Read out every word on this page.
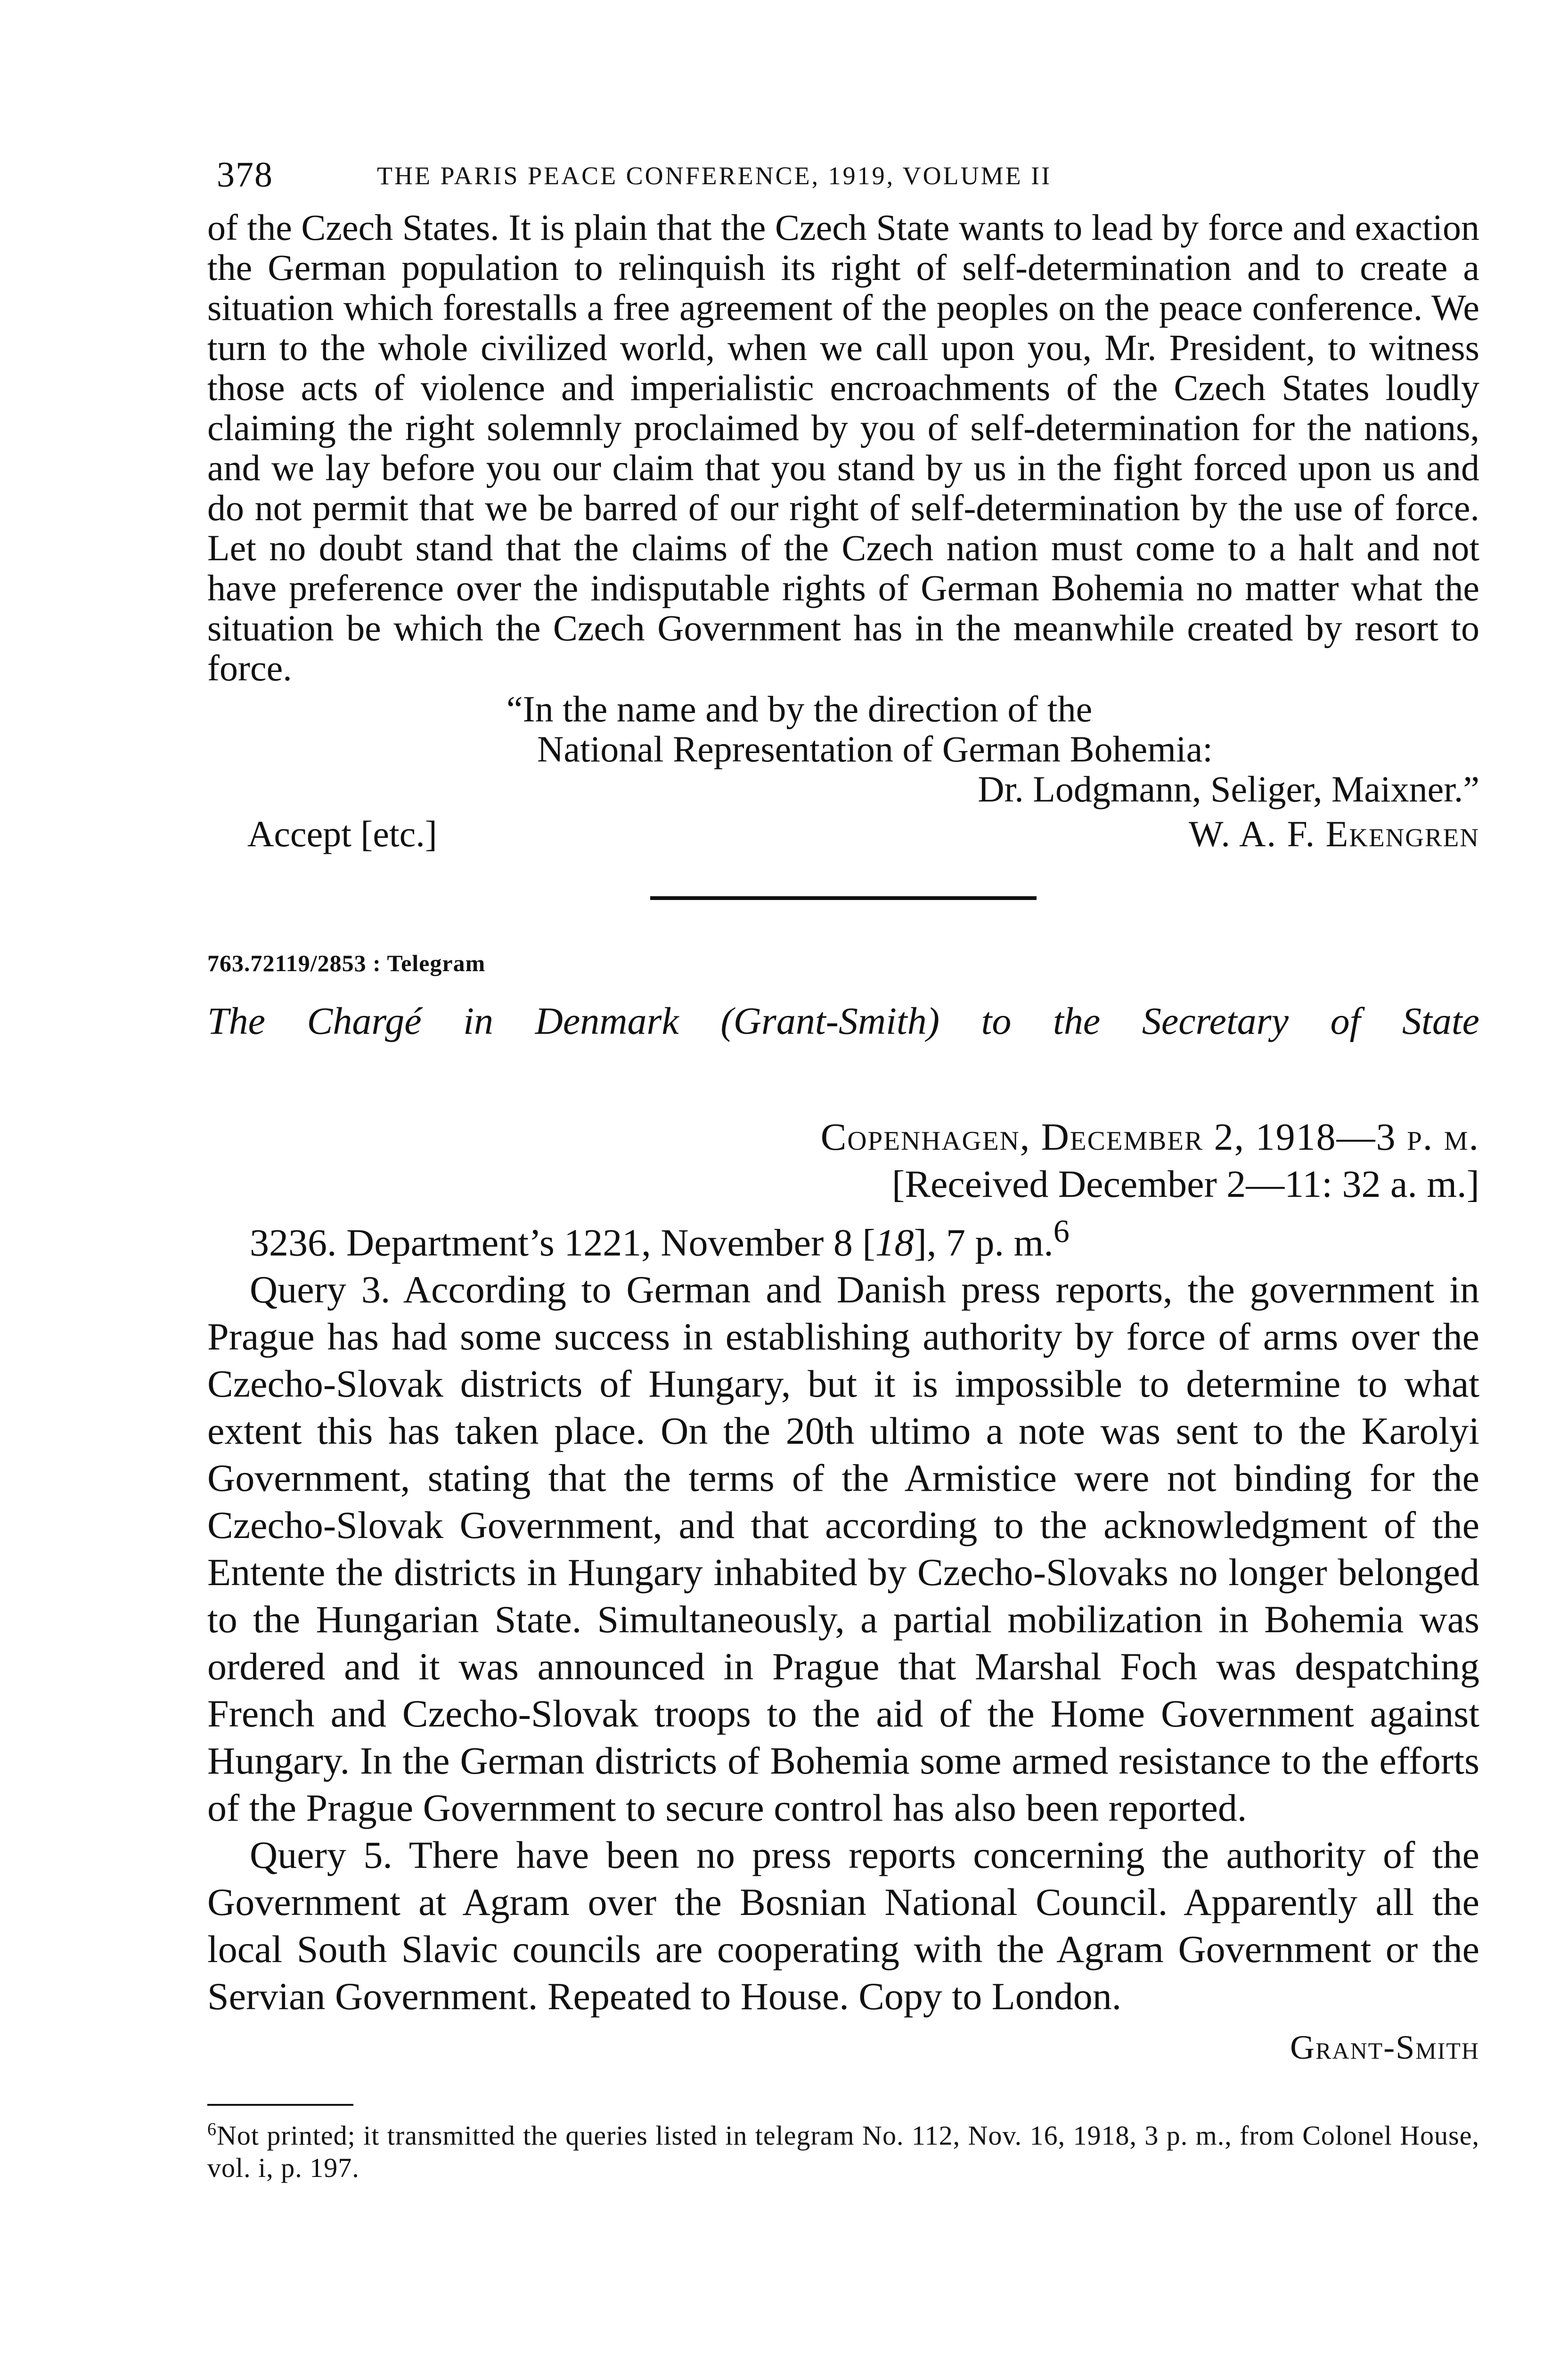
378	THE PARIS PEACE CONFERENCE, 1919, VOLUME II

of the Czech States. It is plain that the Czech State wants to lead by force and exaction the German population to relinquish its right of self-determination and to create a situation which forestalls a free agreement of the peoples on the peace conference. We turn to the whole civilized world, when we call upon you, Mr. President, to witness those acts of violence and imperialistic encroachments of the Czech States loudly claiming the right solemnly proclaimed by you of self-determination for the nations, and we lay before you our claim that you stand by us in the fight forced upon us and do not permit that we be barred of our right of self-determination by the use of force. Let no doubt stand that the claims of the Czech nation must come to a halt and not have preference over the indisputable rights of German Bohemia no matter what the situation be which the Czech Government has in the meanwhile created by resort to force.

“In the name and by the direction of the
National Representation of German Bohemia:
Dr. Lodgmann, Seliger, Maixner.”
Accept [etc.]	W. A. F. Ekengren
763.72119/2853 : Telegram
The Chargé in Denmark (Grant-Smith) to the Secretary of State
Copenhagen, December 2, 1918—3 p. m.
[Received December 2—11: 32 a. m.]
3236. Department’s 1221, November 8 [18], 7 p. m.$^6$

Query 3. According to German and Danish press reports, the government in Prague has had some success in establishing authority by force of arms over the Czecho-Slovak districts of Hungary, but it is impossible to determine to what extent this has taken place. On the 20th ultimo a note was sent to the Karolyi Government, stating that the terms of the Armistice were not binding for the Czecho-Slovak Government, and that according to the acknowledgment of the Entente the districts in Hungary inhabited by Czecho-Slovaks no longer belonged to the Hungarian State. Simultaneously, a partial mobilization in Bohemia was ordered and it was announced in Prague that Marshal Foch was despatching French and Czecho-Slovak troops to the aid of the Home Government against Hungary. In the German districts of Bohemia some armed resistance to the efforts of the Prague Government to secure control has also been reported.

Query 5. There have been no press reports concerning the authority of the Government at Agram over the Bosnian National Council. Apparently all the local South Slavic councils are cooperating with the Agram Government or the Servian Government. Repeated to House. Copy to London.

Grant-Smith
$^6$Not printed; it transmitted the queries listed in telegram No. 112, Nov. 16, 1918, 3 p. m., from Colonel House, vol. i, p. 197.
